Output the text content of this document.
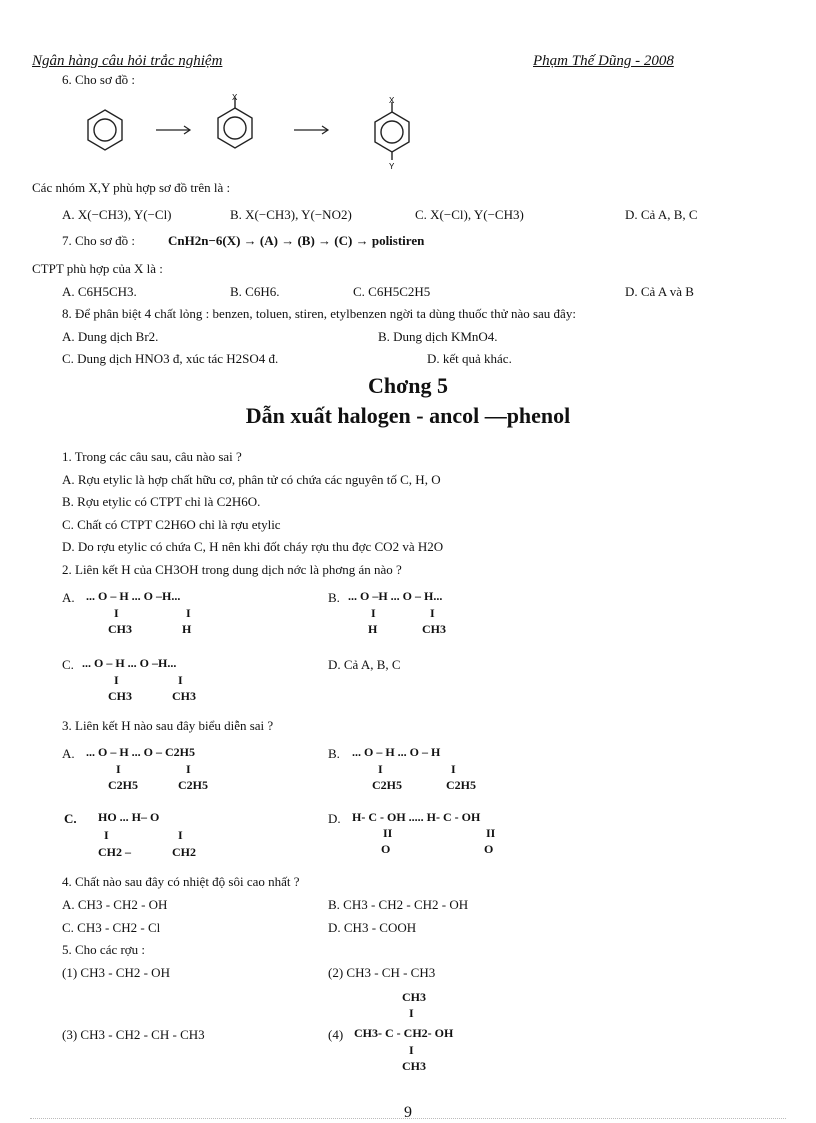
Ngân hàng câu hỏi trắc nghiệm	Phạm Thế Dũng - 2008
6. Cho sơ đồ :
X	X
Y
Các nhóm X,Y phù hợp sơ đồ trên là :
A. X(−CH3), Y(−Cl)	B. X(−CH3), Y(−NO2)	C. X(−Cl), Y(−CH3)	D. Cả A, B, C
7. Cho sơ đồ :	CnH2n−6(X) → (A) → (B) → (C) → polistiren
CTPT phù hợp của X là :
A. C6H5CH3.	B. C6H6.	C. C6H5C2H5	D. Cả A và B
8. Để phân biệt 4 chất lỏng : benzen, toluen, stiren, etylbenzen ngời ta dùng thuốc thử nào sau đây:
A. Dung dịch Br2.	B. Dung dịch KMnO4.
C. Dung dịch HNO3 đ, xúc tác H2SO4 đ.	D. kết quả khác.
Chơng 5
Dẫn xuất halogen - ancol —phenol
1. Trong các câu sau, câu nào sai ?
A. Rợu etylic là hợp chất hữu cơ, phân tử có chứa các nguyên tố C, H, O
B. Rợu etylic có CTPT chỉ là C2H6O.
C. Chất có CTPT C2H6O chỉ là rợu etylic
D. Do rợu etylic có chứa C, H nên khi đốt cháy rợu thu đợc CO2 và H2O
2. Liên kết H của CH3OH trong dung dịch nớc là phơng án nào ?
A. ... O – H ... O –H...
I	I
CH3	H
B. ... O –H ... O – H...
I	I
H	CH3
C. ... O – H ... O –H...
I	I
CH3	CH3
D. Cả A, B, C
3. Liên kết H nào sau đây biểu diễn sai ?
A. ... O – H ... O – C2H5
I	I
C2H5	C2H5
B. ... O – H ... O – H
I	I
C2H5	C2H5
C. HO ... H– O
I	I
CH2 –	CH2
D. H- C - OH ..... H- C - OH
II	II
O	O
4. Chất nào sau đây có nhiệt độ sôi cao nhất ?
A. CH3 - CH2 - OH	B. CH3 - CH2 - CH2 - OH
C. CH3 - CH2 - Cl	D. CH3 - COOH
5. Cho các rợu :
(1) CH3 - CH2 - OH	(2) CH3 - CH - CH3
CH3
I
(3) CH3 - CH2 - CH - CH3	(4) CH3- C - CH2- OH
I
CH3
9
